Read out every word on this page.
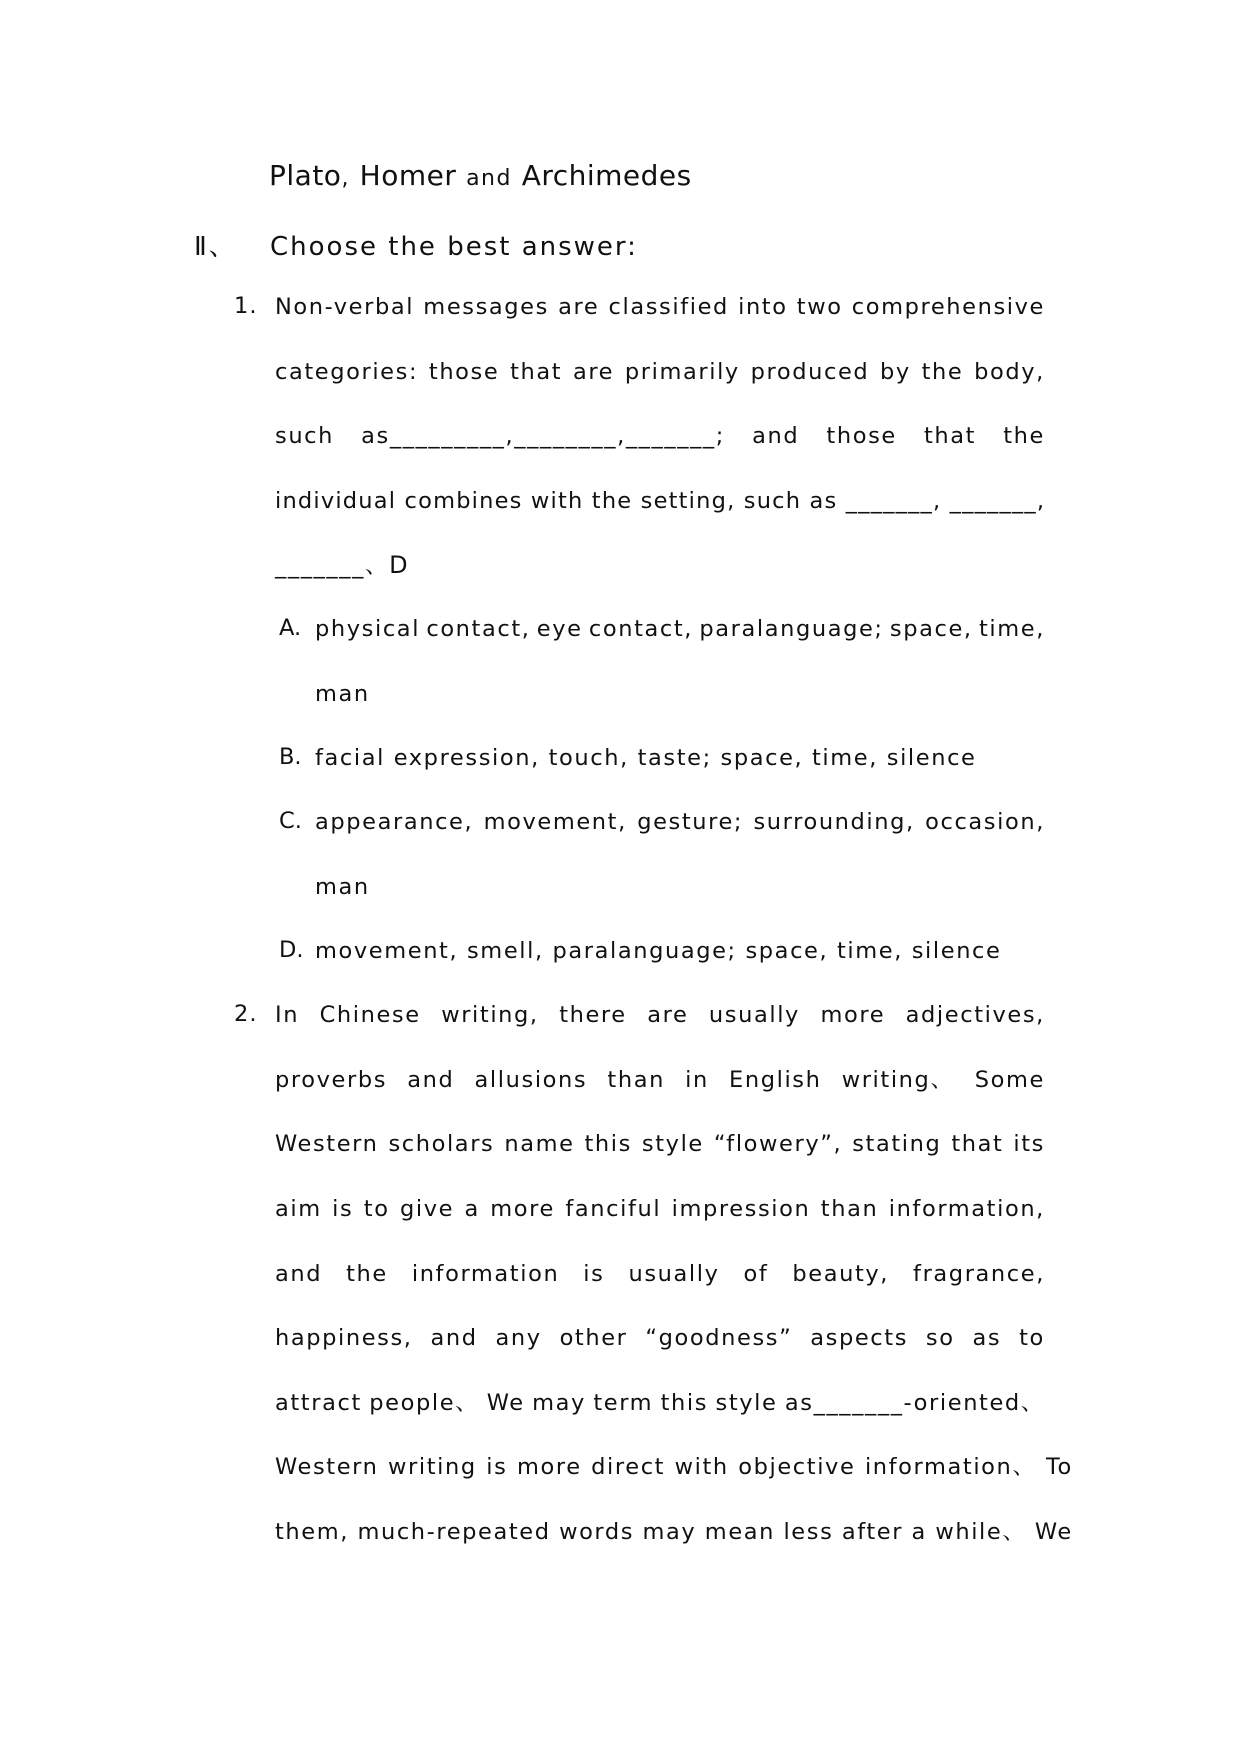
Plato, Homer and Archimedes
Ⅱ、 Choose the best answer:
1. Non-verbal messages are classified into two comprehensive
categories: those that are primarily produced by the body,
such as_________,________,_______; and those that the
individual combines with the setting, such as _______, _______,
_______、D
A. physical contact, eye contact, paralanguage; space, time,
man
B. facial expression, touch, taste; space, time, silence
C. appearance, movement, gesture; surrounding, occasion,
man
D. movement, smell, paralanguage; space, time, silence
2. In Chinese writing, there are usually more adjectives,
proverbs and allusions than in English writing、 Some
Western scholars name this style “flowery”, stating that its
aim is to give a more fanciful impression than information,
and the information is usually of beauty, fragrance,
happiness, and any other “goodness” aspects so as to
attract people、 We may term this style as_______-oriented、
Western writing is more direct with objective information、 To
them, much-repeated words may mean less after a while、 We
